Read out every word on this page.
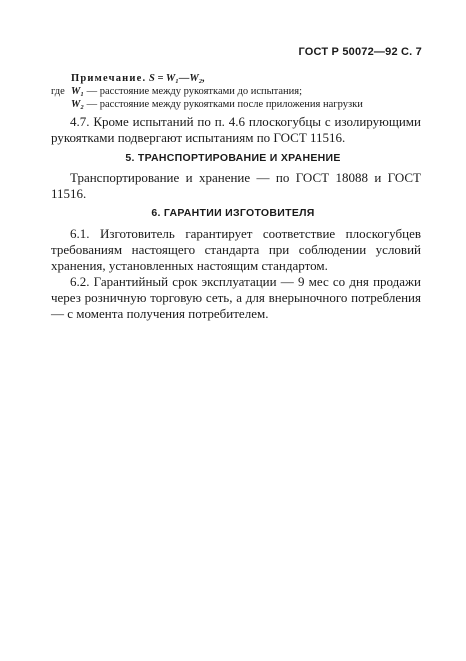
ГОСТ Р 50072—92 С. 7
Примечание. S = W₁—W₂,
где W₁ — расстояние между рукоятками до испытания;
W₂ — расстояние между рукоятками после приложения нагрузки
4.7. Кроме испытаний по п. 4.6 плоскогубцы с изолирующими рукоятками подвергают испытаниям по ГОСТ 11516.
5. ТРАНСПОРТИРОВАНИЕ И ХРАНЕНИЕ
Транспортирование и хранение — по ГОСТ 18088 и ГОСТ 11516.
6. ГАРАНТИИ ИЗГОТОВИТЕЛЯ
6.1. Изготовитель гарантирует соответствие плоскогубцев требованиям настоящего стандарта при соблюдении условий хранения, установленных настоящим стандартом.
6.2. Гарантийный срок эксплуатации — 9 мес со дня продажи через розничную торговую сеть, а для внерыночного потребления — с момента получения потребителем.
